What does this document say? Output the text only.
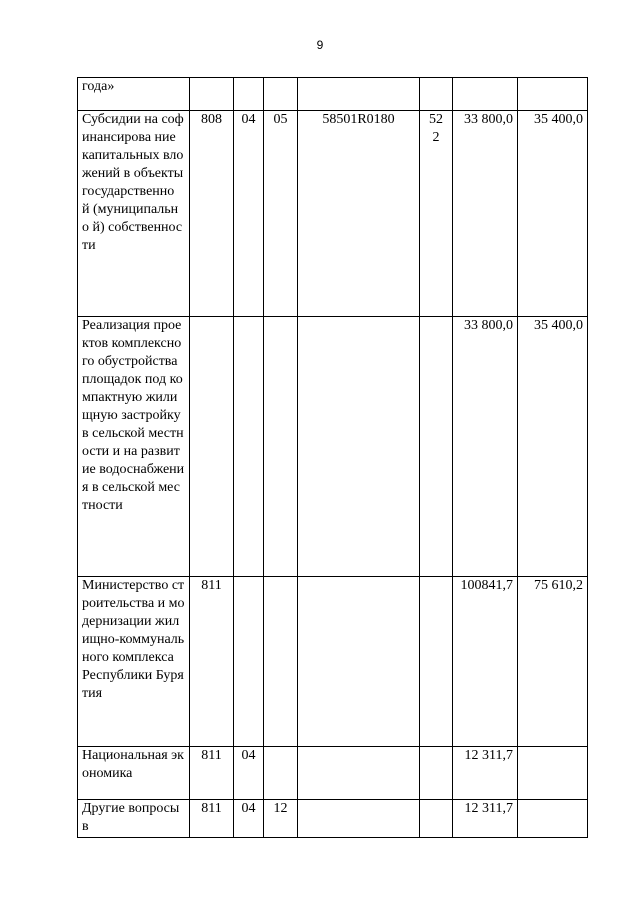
9
года»							
Субсидии на софинансирова ние капитальных вложений в объекты государственно й (муниципально й) собственности	808	04	05	58501R0180	52 2	33 800,0	35 400,0
Реализация проектов комплексного обустройства площадок под компактную жилищную застройку в сельской местности и на развитие водоснабжения в сельской местности						33 800,0	35 400,0
Министерство строительства и модернизации жилищно-коммунального комплекса Республики Бурятия	811					100841,7	75 610,2
Национальная экономика	811	04				12 311,7	
Другие вопросы в	811	04	12			12 311,7	
